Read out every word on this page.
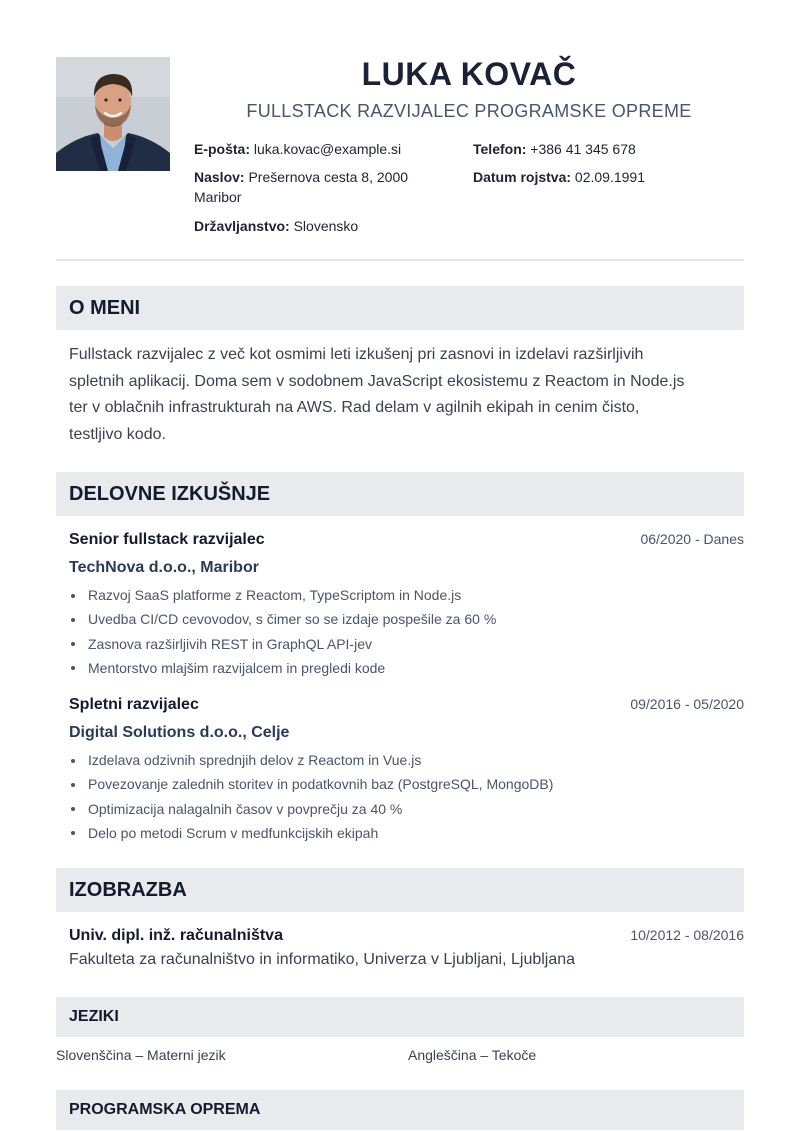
LUKA KOVAČ
FULLSTACK RAZVIJALEC PROGRAMSKE OPREME
E-pošta: luka.kovac@example.si	Telefon: +386 41 345 678
Naslov: Prešernova cesta 8, 2000
Maribor
Datum rojstva: 02.09.1991
Državljanstvo: Slovensko
O MENI
Fullstack razvijalec z več kot osmimi leti izkušenj pri zasnovi in izdelavi razširljivih
spletnih aplikacij. Doma sem v sodobnem JavaScript ekosistemu z Reactom in Node.js
ter v oblačnih infrastrukturah na AWS. Rad delam v agilnih ekipah in cenim čisto,
testljivo kodo.
DELOVNE IZKUŠNJE
Senior fullstack razvijalec	06/2020 - Danes
TechNova d.o.o., Maribor
Razvoj SaaS platforme z Reactom, TypeScriptom in Node.js
Uvedba CI/CD cevovodov, s čimer so se izdaje pospešile za 60 %
Zasnova razširljivih REST in GraphQL API-jev
Mentorstvo mlajšim razvijalcem in pregledi kode
Spletni razvijalec	09/2016 - 05/2020
Digital Solutions d.o.o., Celje
Izdelava odzivnih sprednjih delov z Reactom in Vue.js
Povezovanje zalednih storitev in podatkovnih baz (PostgreSQL, MongoDB)
Optimizacija nalagalnih časov v povprečju za 40 %
Delo po metodi Scrum v medfunkcijskih ekipah
IZOBRAZBA
Univ. dipl. inž. računalništva	10/2012 - 08/2016
Fakulteta za računalništvo in informatiko, Univerza v Ljubljani, Ljubljana
JEZIKI
Slovenščina – Materni jezik	Angleščina – Tekoče
PROGRAMSKA OPREMA
